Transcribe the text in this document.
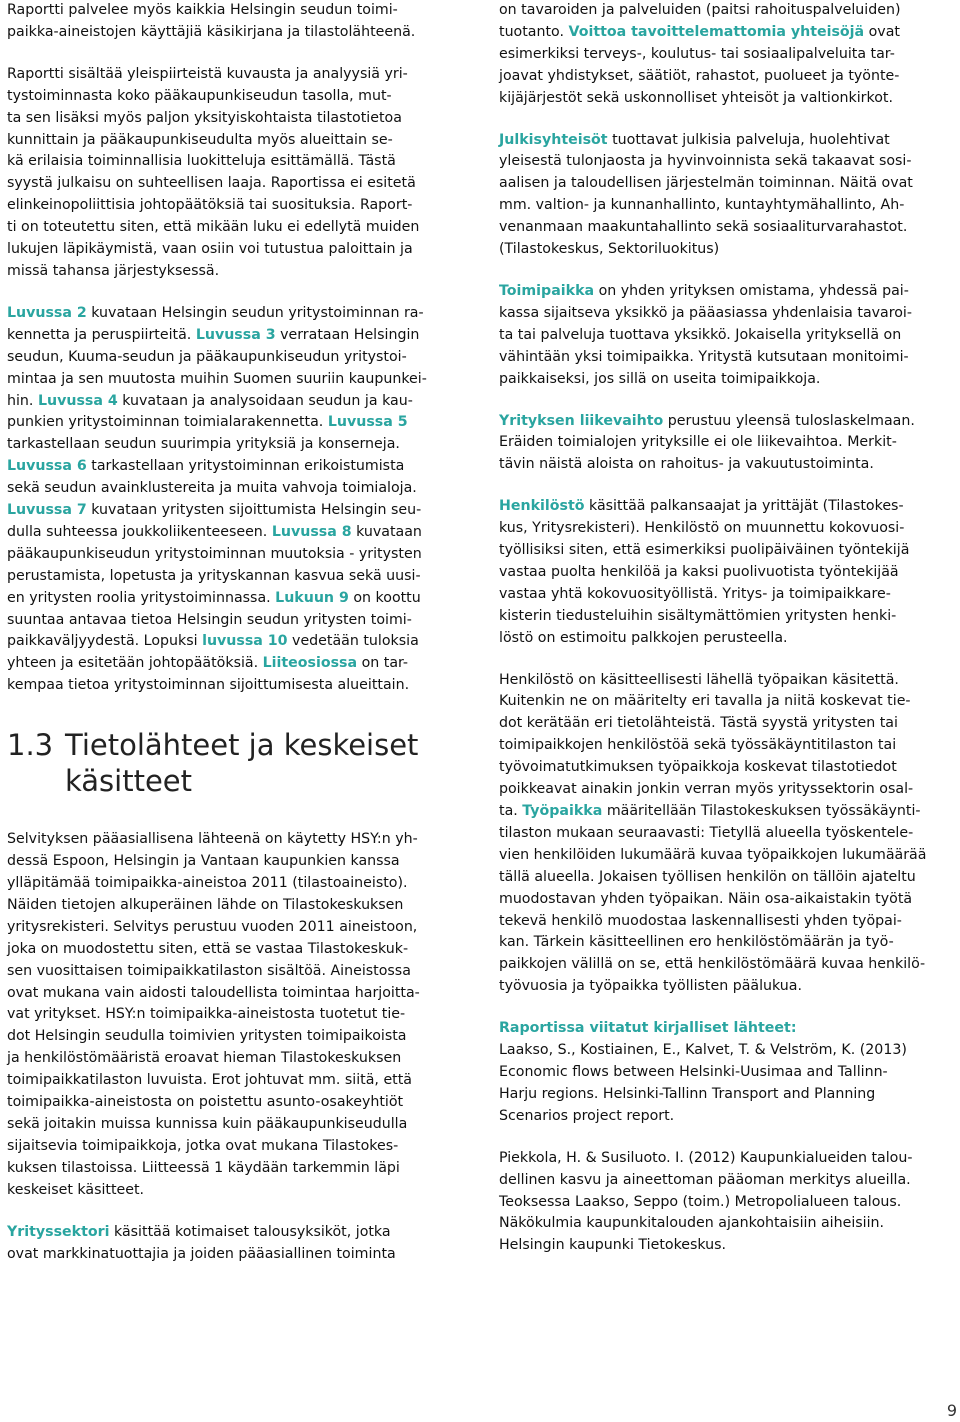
Raportti palvelee myös kaikkia Helsingin seudun toimi-
paikka-aineistojen käyttäjiä käsikirjana ja tilastolähteenä.

Raportti sisältää yleispiirteistä kuvausta ja analyysiä yri-
tystoiminnasta koko pääkaupunkiseudun tasolla, mut-
ta sen lisäksi myös paljon yksityiskohtaista tilastotietoa
kunnittain ja pääkaupunkiseudulta myös alueittain se-
kä erilaisia toiminnallisia luokitteluja esittämällä. Tästä
syystä julkaisu on suhteellisen laaja. Raportissa ei esitetä
elinkeinopoliittisia johtopäätöksiä tai suosituksia. Raport-
ti on toteutettu siten, että mikään luku ei edellytä muiden
lukujen läpikäymistä, vaan osiin voi tutustua paloittain ja
missä tahansa järjestyksessä.

Luvussa 2 kuvataan Helsingin seudun yritystoiminnan ra-
kennetta ja peruspiirteitä. Luvussa 3 verrataan Helsingin
seudun, Kuuma-seudun ja pääkaupunkiseudun yritystoi-
mintaa ja sen muutosta muihin Suomen suuriin kaupunkei-
hin. Luvussa 4 kuvataan ja analysoidaan seudun ja kau-
punkien yritystoiminnan toimialarakennetta. Luvussa 5
tarkastellaan seudun suurimpia yrityksiä ja konserneja.
Luvussa 6 tarkastellaan yritystoiminnan erikoistumista
sekä seudun avainklustereita ja muita vahvoja toimialoja.
Luvussa 7 kuvataan yritysten sijoittumista Helsingin seu-
dulla suhteessa joukkoliikenteeseen. Luvussa 8 kuvataan
pääkaupunkiseudun yritystoiminnan muutoksia - yritysten
perustamista, lopetusta ja yrityskannan kasvua sekä uusi-
en yritysten roolia yritystoiminnassa. Lukuun 9 on koottu
suuntaa antavaa tietoa Helsingin seudun yritysten toimi-
paikkaväljyydestä. Lopuksi luvussa 10 vedetään tuloksia
yhteen ja esitetään johtopäätöksiä. Liiteosiossa on tar-
kempaa tietoa yritystoiminnan sijoittumisesta alueittain.

1.3 Tietolähteet ja keskeiset
käsitteet

Selvityksen pääasiallisena lähteenä on käytetty HSY:n yh-
dessä Espoon, Helsingin ja Vantaan kaupunkien kanssa
ylläpitämää toimipaikka-aineistoa 2011 (tilastoaineisto).
Näiden tietojen alkuperäinen lähde on Tilastokeskuksen
yritysrekisteri. Selvitys perustuu vuoden 2011 aineistoon,
joka on muodostettu siten, että se vastaa Tilastokeskuk-
sen vuosittaisen toimipaikkatilaston sisältöä. Aineistossa
ovat mukana vain aidosti taloudellista toimintaa harjoitta-
vat yritykset. HSY:n toimipaikka-aineistosta tuotetut tie-
dot Helsingin seudulla toimivien yritysten toimipaikoista
ja henkilöstömääristä eroavat hieman Tilastokeskuksen
toimipaikkatilaston luvuista. Erot johtuvat mm. siitä, että
toimipaikka-aineistosta on poistettu asunto-osakeyhtiöt
sekä joitakin muissa kunnissa kuin pääkaupunkiseudulla
sijaitsevia toimipaikkoja, jotka ovat mukana Tilastokes-
kuksen tilastoissa. Liitteessä 1 käydään tarkemmin läpi
keskeiset käsitteet.

Yrityssektori käsittää kotimaiset talousyksiköt, jotka
ovat markkinatuottajia ja joiden pääasiallinen toiminta

on tavaroiden ja palveluiden (paitsi rahoituspalveluiden)
tuotanto. Voittoa tavoittelemattomia yhteisöjä ovat
esimerkiksi terveys-, koulutus- tai sosiaalipalveluita tar-
joavat yhdistykset, säätiöt, rahastot, puolueet ja työnte-
kijäjärjestöt sekä uskonnolliset yhteisöt ja valtionkirkot.

Julkisyhteisöt tuottavat julkisia palveluja, huolehtivat
yleisestä tulonjaosta ja hyvinvoinnista sekä takaavat sosi-
aalisen ja taloudellisen järjestelmän toiminnan. Näitä ovat
mm. valtion- ja kunnanhallinto, kuntayhtymähallinto, Ah-
venanmaan maakuntahallinto sekä sosiaaliturvarahastot.
(Tilastokeskus, Sektoriluokitus)

Toimipaikka on yhden yrityksen omistama, yhdessä pai-
kassa sijaitseva yksikkö ja pääasiassa yhdenlaisia tavaroi-
ta tai palveluja tuottava yksikkö. Jokaisella yrityksellä on
vähintään yksi toimipaikka. Yritystä kutsutaan monitoimi-
paikkaiseksi, jos sillä on useita toimipaikkoja.

Yrityksen liikevaihto perustuu yleensä tuloslaskelmaan.
Eräiden toimialojen yrityksille ei ole liikevaihtoa. Merkit-
tävin näistä aloista on rahoitus- ja vakuutustoiminta.

Henkilöstö käsittää palkansaajat ja yrittäjät (Tilastokes-
kus, Yritysrekisteri). Henkilöstö on muunnettu kokovuosi-
työllisiksi siten, että esimerkiksi puolipäiväinen työntekijä
vastaa puolta henkilöä ja kaksi puolivuotista työntekijää
vastaa yhtä kokovuosityöllistä. Yritys- ja toimipaikkare-
kisterin tiedusteluihin sisältymättömien yritysten henki-
löstö on estimoitu palkkojen perusteella.

Henkilöstö on käsitteellisesti lähellä työpaikan käsitettä.
Kuitenkin ne on määritelty eri tavalla ja niitä koskevat tie-
dot kerätään eri tietolähteistä. Tästä syystä yritysten tai
toimipaikkojen henkilöstöä sekä työssäkäyntitilaston tai
työvoimatutkimuksen työpaikkoja koskevat tilastotiedot
poikkeavat ainakin jonkin verran myös yrityssektorin osal-
ta. Työpaikka määritellään Tilastokeskuksen työssäkäynti-
tilaston mukaan seuraavasti: Tietyllä alueella työskentele-
vien henkilöiden lukumäärä kuvaa työpaikkojen lukumäärää
tällä alueella. Jokaisen työllisen henkilön on tällöin ajateltu
muodostavan yhden työpaikan. Näin osa-aikaistakin työtä
tekevä henkilö muodostaa laskennallisesti yhden työpai-
kan. Tärkein käsitteellinen ero henkilöstömäärän ja työ-
paikkojen välillä on se, että henkilöstömäärä kuvaa henkilö-
työvuosia ja työpaikka työllisten päälukua.

Raportissa viitatut kirjalliset lähteet:
Laakso, S., Kostiainen, E., Kalvet, T. & Velström, K. (2013)
Economic flows between Helsinki-Uusimaa and Tallinn-
Harju regions. Helsinki-Tallinn Transport and Planning
Scenarios project report.

Piekkola, H. & Susiluoto. I. (2012) Kaupunkialueiden talou-
dellinen kasvu ja aineettoman pääoman merkitys alueilla.
Teoksessa Laakso, Seppo (toim.) Metropolialueen talous.
Näkökulmia kaupunkitalouden ajankohtaisiin aiheisiin.
Helsingin kaupunki Tietokeskus.

9
